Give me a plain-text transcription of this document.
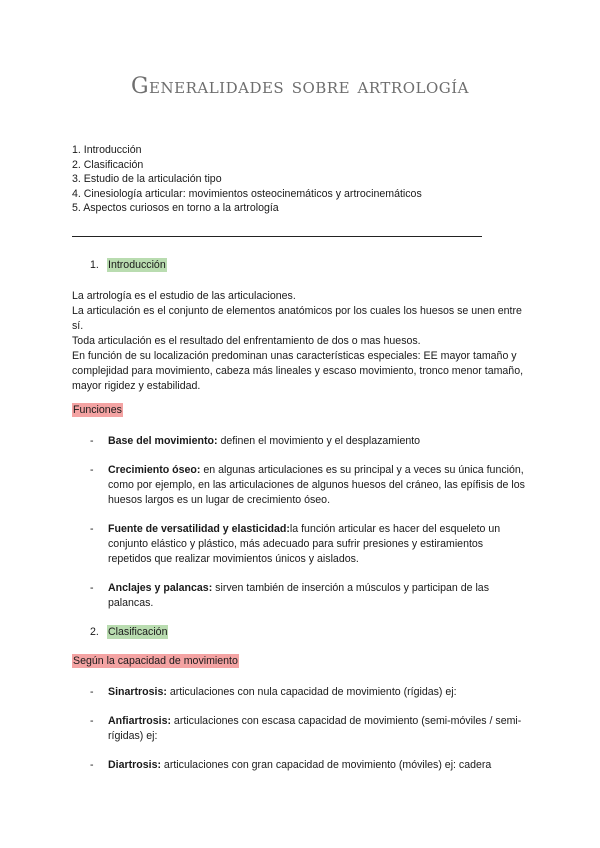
Generalidades sobre artrología
1. Introducción
2. Clasificación
3. Estudio de la articulación tipo
4. Cinesiología articular: movimientos osteocinemáticos y artrocinemáticos
5. Aspectos curiosos en torno a la artrología
1. Introducción
La artrología es el estudio de las articulaciones.
La articulación es el conjunto de elementos anatómicos por los cuales los huesos se unen entre sí.
Toda articulación es el resultado del enfrentamiento de dos o mas huesos.
En función de su localización predominan unas características especiales: EE mayor tamaño y complejidad para movimiento, cabeza más lineales y escaso movimiento, tronco menor tamaño, mayor rigidez y estabilidad.
Funciones
- Base del movimiento: definen el movimiento y el desplazamiento
- Crecimiento óseo: en algunas articulaciones es su principal y a veces su única función, como por ejemplo, en las articulaciones de algunos huesos del cráneo, las epífisis de los huesos largos es un lugar de crecimiento óseo.
- Fuente de versatilidad y elasticidad:la función articular es hacer del esqueleto un conjunto elástico y plástico, más adecuado para sufrir presiones y estiramientos repetidos que realizar movimientos únicos y aislados.
- Anclajes y palancas: sirven también de inserción a músculos y participan de las palancas.
2. Clasificación
Según la capacidad de movimiento
- Sinartrosis: articulaciones con nula capacidad de movimiento (rígidas) ej:
- Anfiartrosis: articulaciones con escasa capacidad de movimiento (semi-móviles / semi-rígidas) ej:
- Diartrosis: articulaciones con gran capacidad de movimiento (móviles) ej: cadera
